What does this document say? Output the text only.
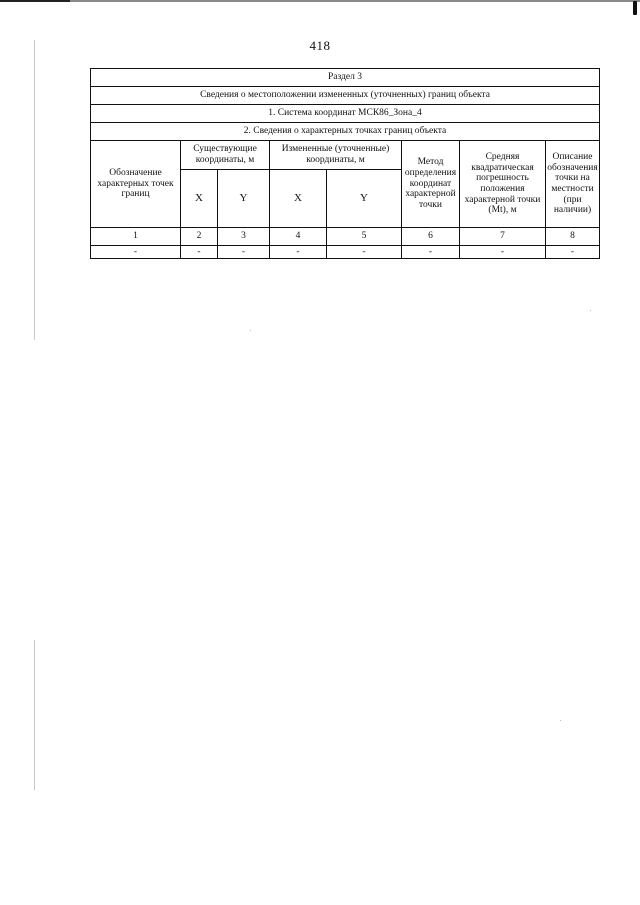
418
Раздел 3							
Сведения о местоположении измененных (уточненных) границ объекта							
1. Система координат МСК86_Зона_4							
2. Сведения о характерных точках границ объекта							
Обозначение характерных точек границ	Существующие координаты, м		Измененные (уточненные) координаты, м		Метод определения координат характерной точки	Средняя квадратическая погрешность положения характерной точки (Mt), м	Описание обозначения точки на местности (при наличии)
	X	Y	X	Y			
1	2	3	4	5	6	7	8
-	-	-	-	-	-	-	-
